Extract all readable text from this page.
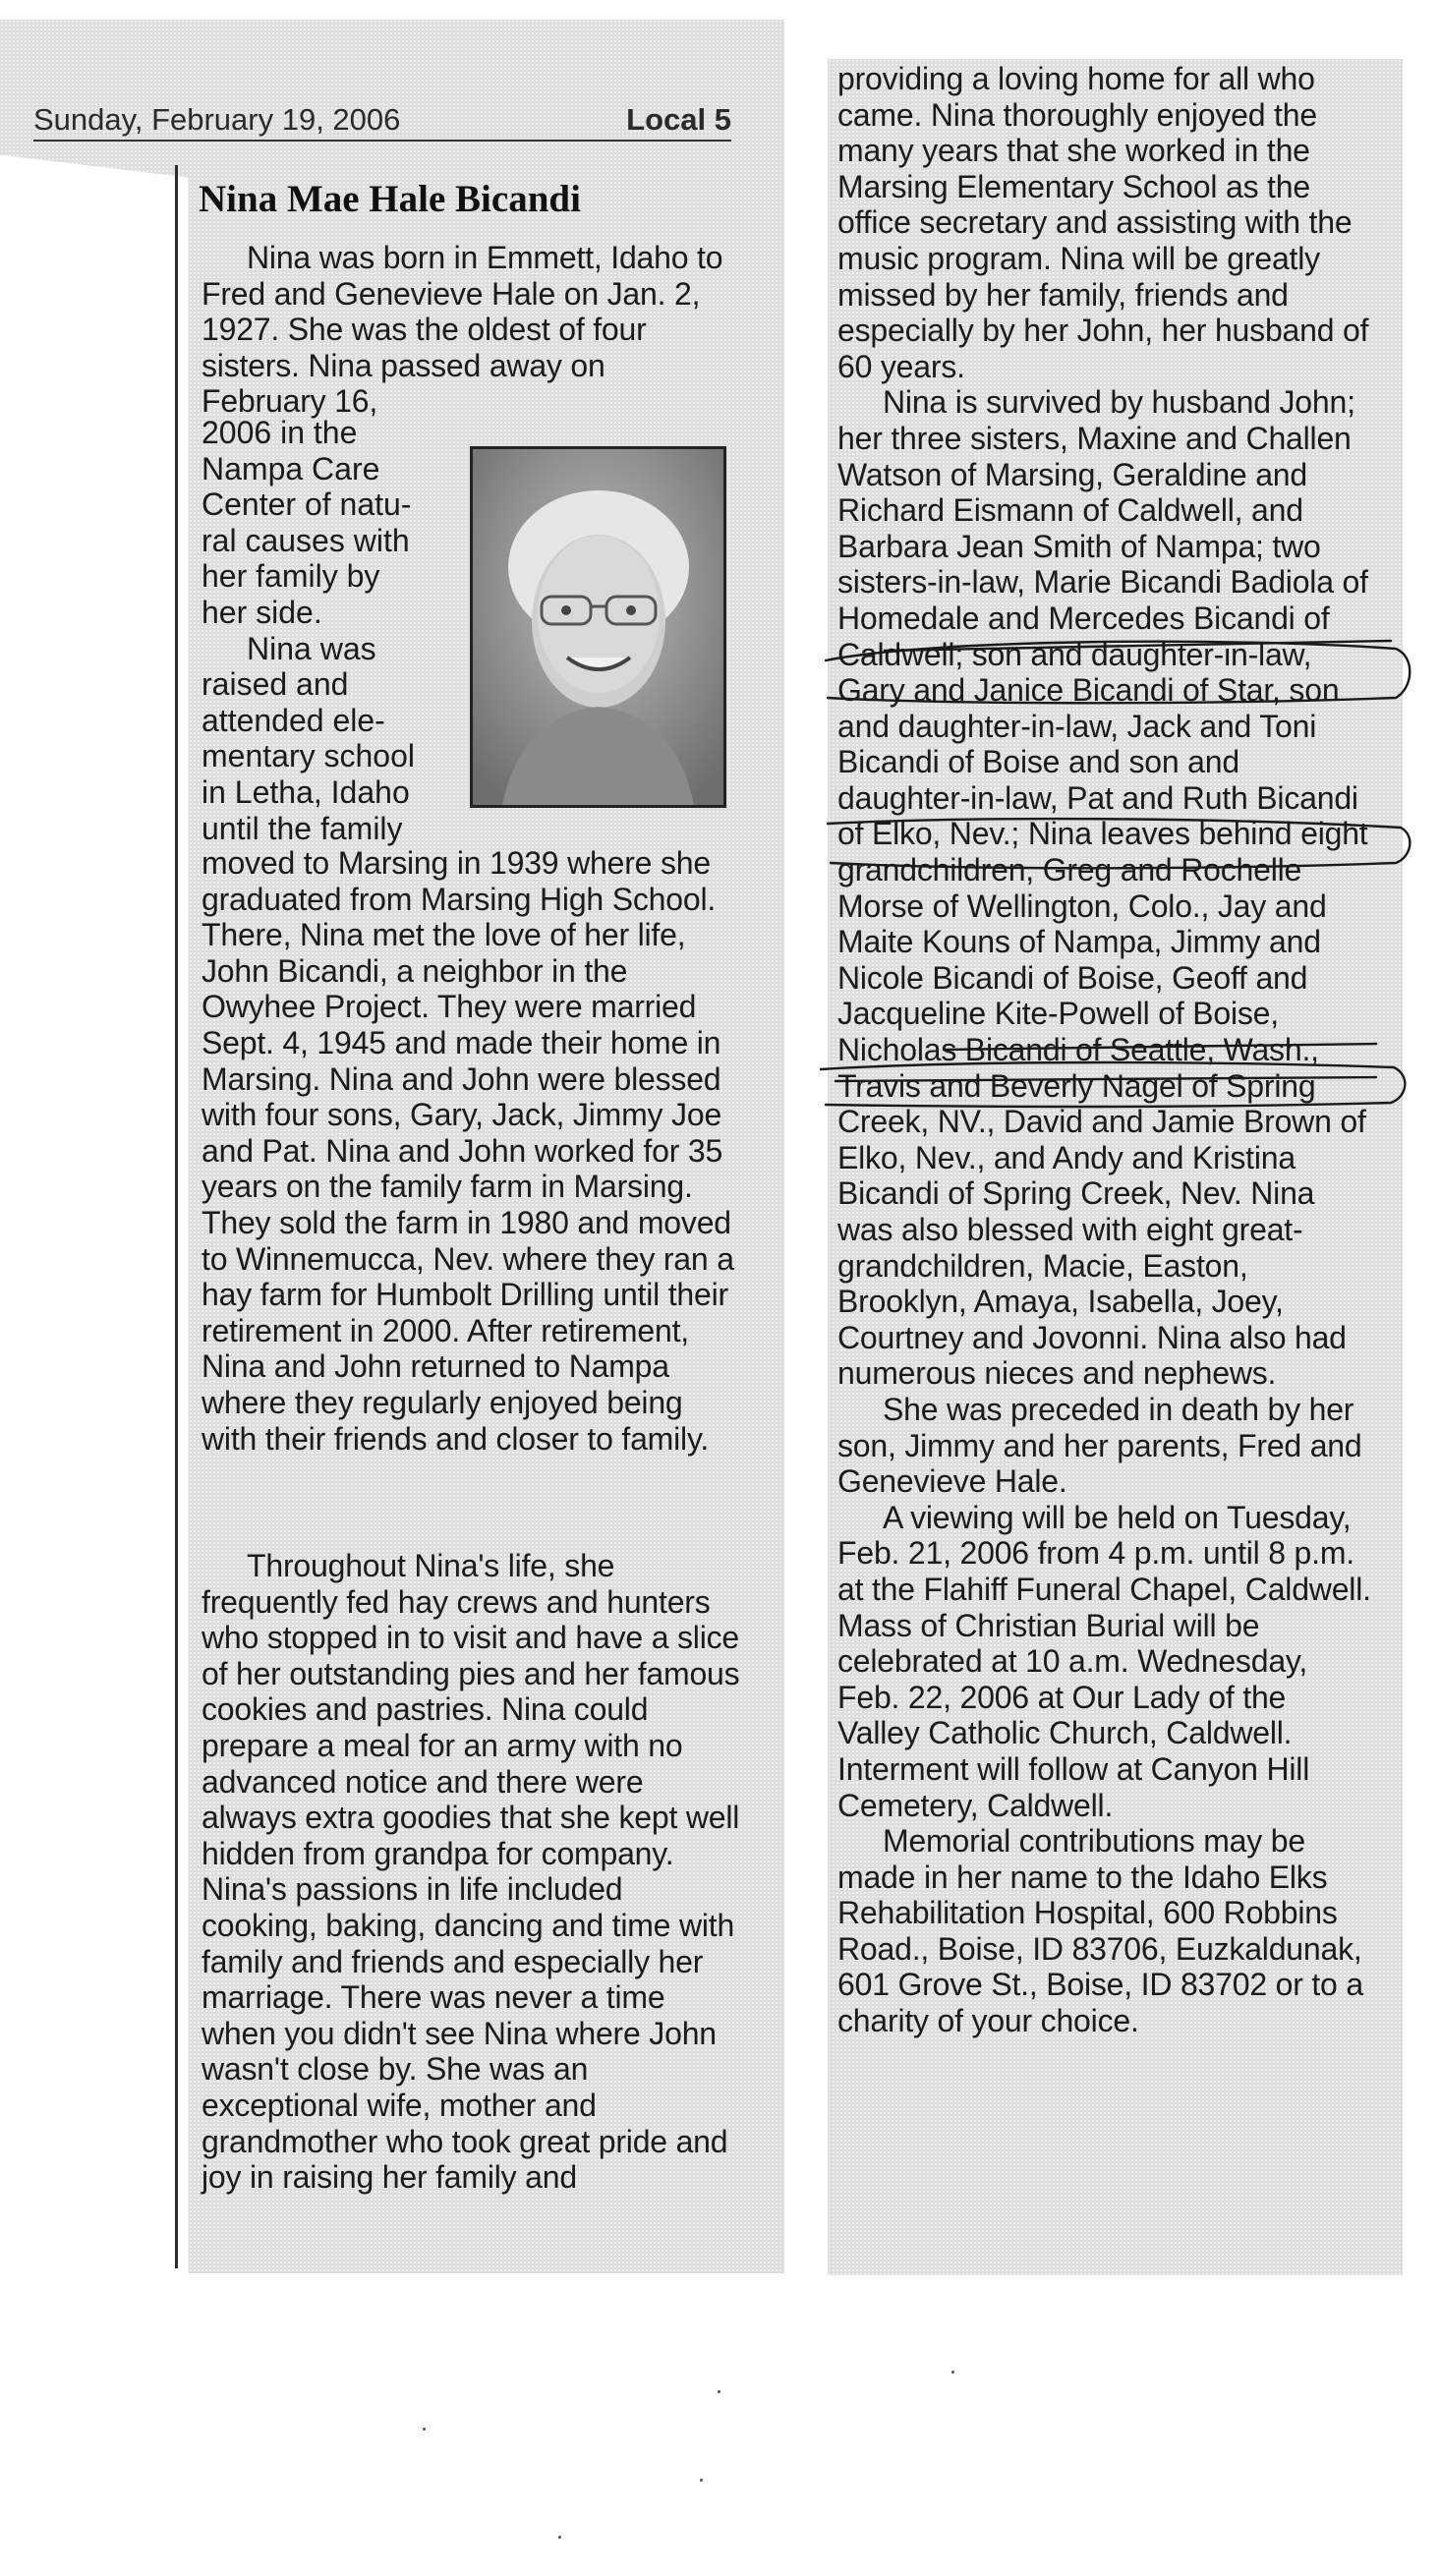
Sunday, February 19, 2006	Local 5
Nina Mae Hale Bicandi

Nina was born in Emmett, Idaho to Fred and Genevieve Hale on Jan. 2, 1927. She was the oldest of four sisters. Nina passed away on February 16,

2006 in the
Nampa Care
Center of natu-
ral causes with
her family by
her side.
Nina was
raised and
attended ele-
mentary school
in Letha, Idaho
until the family

moved to Marsing in 1939 where she graduated from Marsing High School. There, Nina met the love of her life, John Bicandi, a neighbor in the Owyhee Project. They were married Sept. 4, 1945 and made their home in Marsing. Nina and John were blessed with four sons, Gary, Jack, Jimmy Joe and Pat. Nina and John worked for 35 years on the family farm in Marsing. They sold the farm in 1980 and moved to Winnemucca, Nev. where they ran a hay farm for Humbolt Drilling until their retirement in 2000. After retirement, Nina and John returned to Nampa where they regularly enjoyed being with their friends and closer to family.

Throughout Nina's life, she frequently fed hay crews and hunters who stopped in to visit and have a slice of her outstanding pies and her famous cookies and pastries. Nina could prepare a meal for an army with no advanced notice and there were always extra goodies that she kept well hidden from grandpa for company. Nina's passions in life included cooking, baking, dancing and time with family and friends and especially her marriage. There was never a time when you didn't see Nina where John wasn't close by. She was an exceptional wife, mother and grandmother who took great pride and joy in raising her family and

providing a loving home for all who came. Nina thoroughly enjoyed the many years that she worked in the Marsing Elementary School as the office secretary and assisting with the music program. Nina will be greatly missed by her family, friends and especially by her John, her husband of 60 years.

Nina is survived by husband John; her three sisters, Maxine and Challen Watson of Marsing, Geraldine and Richard Eismann of Caldwell, and Barbara Jean Smith of Nampa; two sisters-in-law, Marie Bicandi Badiola of Homedale and Mercedes Bicandi of Caldwell; son and daughter-in-law, Gary and Janice Bicandi of Star, son and daughter-in-law, Jack and Toni Bicandi of Boise and son and daughter-in-law, Pat and Ruth Bicandi of Elko, Nev.; Nina leaves behind eight grandchildren, Greg and Rochelle Morse of Wellington, Colo., Jay and Maite Kouns of Nampa, Jimmy and Nicole Bicandi of Boise, Geoff and Jacqueline Kite-Powell of Boise, Nicholas Bicandi of Seattle, Wash., Travis and Beverly Nagel of Spring Creek, NV., David and Jamie Brown of Elko, Nev., and Andy and Kristina Bicandi of Spring Creek, Nev. Nina was also blessed with eight great-grandchildren, Macie, Easton, Brooklyn, Amaya, Isabella, Joey, Courtney and Jovonni. Nina also had numerous nieces and nephews.

She was preceded in death by her son, Jimmy and her parents, Fred and Genevieve Hale.

A viewing will be held on Tuesday, Feb. 21, 2006 from 4 p.m. until 8 p.m. at the Flahiff Funeral Chapel, Caldwell. Mass of Christian Burial will be celebrated at 10 a.m. Wednesday, Feb. 22, 2006 at Our Lady of the Valley Catholic Church, Caldwell. Interment will follow at Canyon Hill Cemetery, Caldwell.

Memorial contributions may be made in her name to the Idaho Elks Rehabilitation Hospital, 600 Robbins Road., Boise, ID 83706, Euzkaldunak, 601 Grove St., Boise, ID 83702 or to a charity of your choice.
